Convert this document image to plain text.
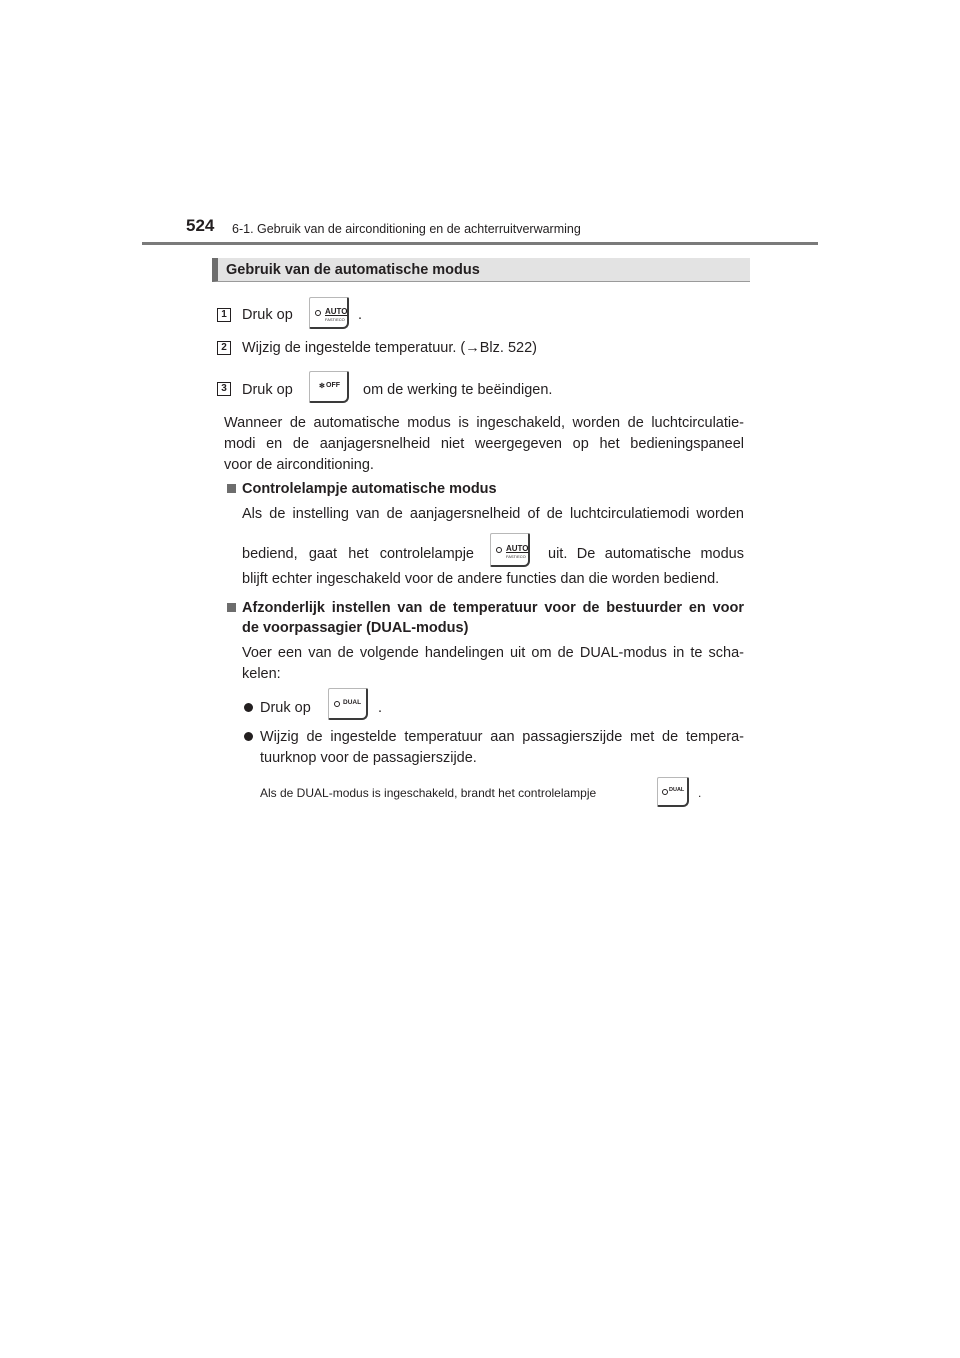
524 6-1. Gebruik van de airconditioning en de achterruitverwarming
Gebruik van de automatische modus
1 Druk op	AUTO
FAST/ECO .
2 Wijzig de ingestelde temperatuur. (→Blz. 522)
3 Druk op	✻ OFF om de werking te beëindigen.
Wanneer de automatische modus is ingeschakeld, worden de luchtcirculatie-
modi en de aanjagersnelheid niet weergegeven op het bedieningspaneel
voor de airconditioning.
Controlelampje automatische modus
Als de instelling van de aanjagersnelheid of de luchtcirculatiemodi worden
bediend, gaat het controlelampje	AUTO
FAST/ECO uit. De automatische modus
blijft echter ingeschakeld voor de andere functies dan die worden bediend.
Afzonderlijk instellen van de temperatuur voor de bestuurder en voor
de voorpassagier (DUAL-modus)
Voer een van de volgende handelingen uit om de DUAL-modus in te scha-
kelen:
Druk op	DUAL .
Wijzig de ingestelde temperatuur aan passagierszijde met de tempera-
tuurknop voor de passagierszijde.
Als de DUAL-modus is ingeschakeld, brandt het controlelampje	DUAL .
